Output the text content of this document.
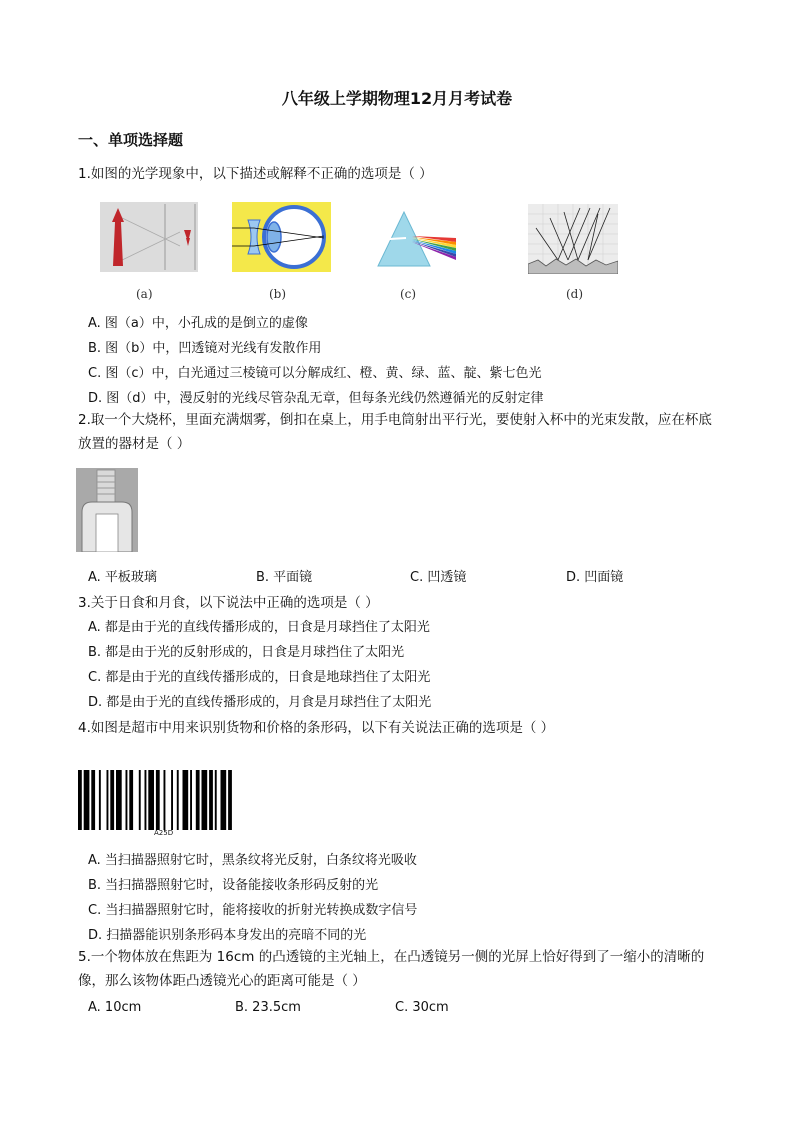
八年级上学期物理12月月考试卷
一、单项选择题
1.如图的光学现象中，以下描述或解释不正确的选项是（ ）
(a)	(b)	(c)	(d)
A. 图（a）中，小孔成的是倒立的虚像
B. 图（b）中，凹透镜对光线有发散作用
C. 图（c）中，白光通过三棱镜可以分解成红、橙、黄、绿、蓝、靛、紫七色光
D. 图（d）中，漫反射的光线尽管杂乱无章，但每条光线仍然遵循光的反射定律
2.取一个大烧杯，里面充满烟雾，倒扣在桌上，用手电筒射出平行光，要使射入杯中的光束发散，应在杯底放置的器材是（ ）
A. 平板玻璃	B. 平面镜	C. 凹透镜	D. 凹面镜
3.关于日食和月食，以下说法中正确的选项是（ ）
A. 都是由于光的直线传播形成的，日食是月球挡住了太阳光
B. 都是由于光的反射形成的，日食是月球挡住了太阳光
C. 都是由于光的直线传播形成的，日食是地球挡住了太阳光
D. 都是由于光的直线传播形成的，月食是月球挡住了太阳光
4.如图是超市中用来识别货物和价格的条形码，以下有关说法正确的选项是（ ）
A25D
A. 当扫描器照射它时，黑条纹将光反射，白条纹将光吸收
B. 当扫描器照射它时，设备能接收条形码反射的光
C. 当扫描器照射它时，能将接收的折射光转换成数字信号
D. 扫描器能识别条形码本身发出的亮暗不同的光
5.一个物体放在焦距为 16cm 的凸透镜的主光轴上，在凸透镜另一侧的光屏上恰好得到了一缩小的清晰的像，那么该物体距凸透镜光心的距离可能是（ ）
A. 10cm	B. 23.5cm	C. 30cm
